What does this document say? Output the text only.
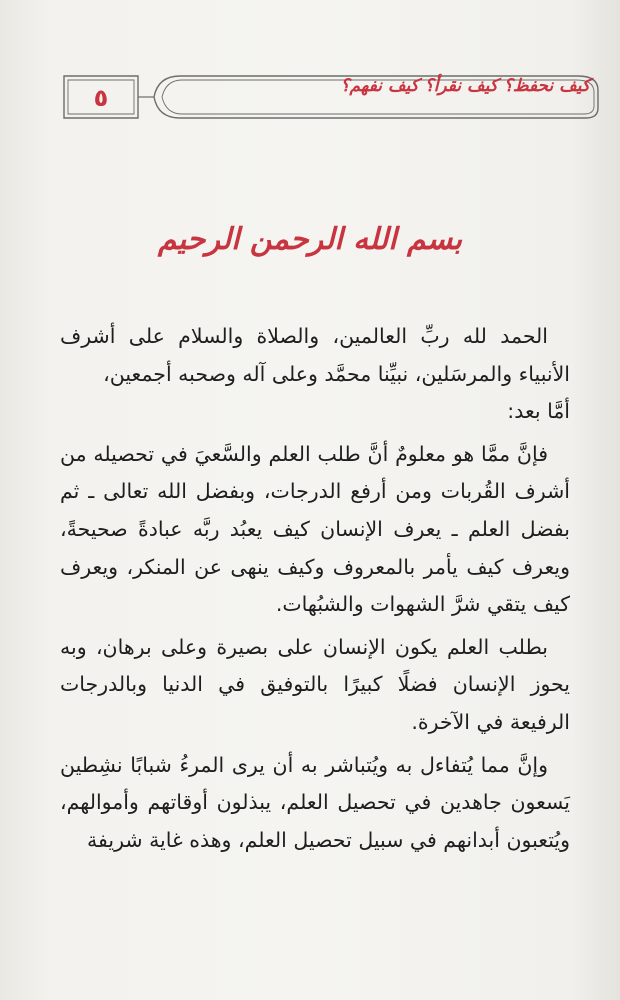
٥	كيف نحفظ؟ كيف نقرأ؟ كيف نفهم؟
بسم الله الرحمن الرحيم

الحمد لله ربِّ العالمين، والصلاة والسلام على أشرف الأنبياء والمرسَلين، نبيِّنا محمَّد وعلى آله وصحبه أجمعين،

أمَّا بعد:

فإنَّ ممَّا هو معلومٌ أنَّ طلب العلم والسَّعيَ في تحصيله من أشرف القُربات ومن أرفع الدرجات، وبفضل الله تعالى ـ ثم بفضل العلم ـ يعرف الإنسان كيف يعبُد ربَّه عبادةً صحيحةً، ويعرف كيف يأمر بالمعروف وكيف ينهى عن المنكر، ويعرف كيف يتقي شرَّ الشهوات والشبُهات.

بطلب العلم يكون الإنسان على بصيرة وعلى برهان، وبه يحوز الإنسان فضلًا كبيرًا بالتوفيق في الدنيا وبالدرجات الرفيعة في الآخرة.

وإنَّ مما يُتفاءل به ويُتباشر به أن يرى المرءُ شبابًا نشِطين يَسعون جاهدين في تحصيل العلم، يبذلون أوقاتهم وأموالهم، ويُتعبون أبدانهم في سبيل تحصيل العلم، وهذه غاية شريفة
